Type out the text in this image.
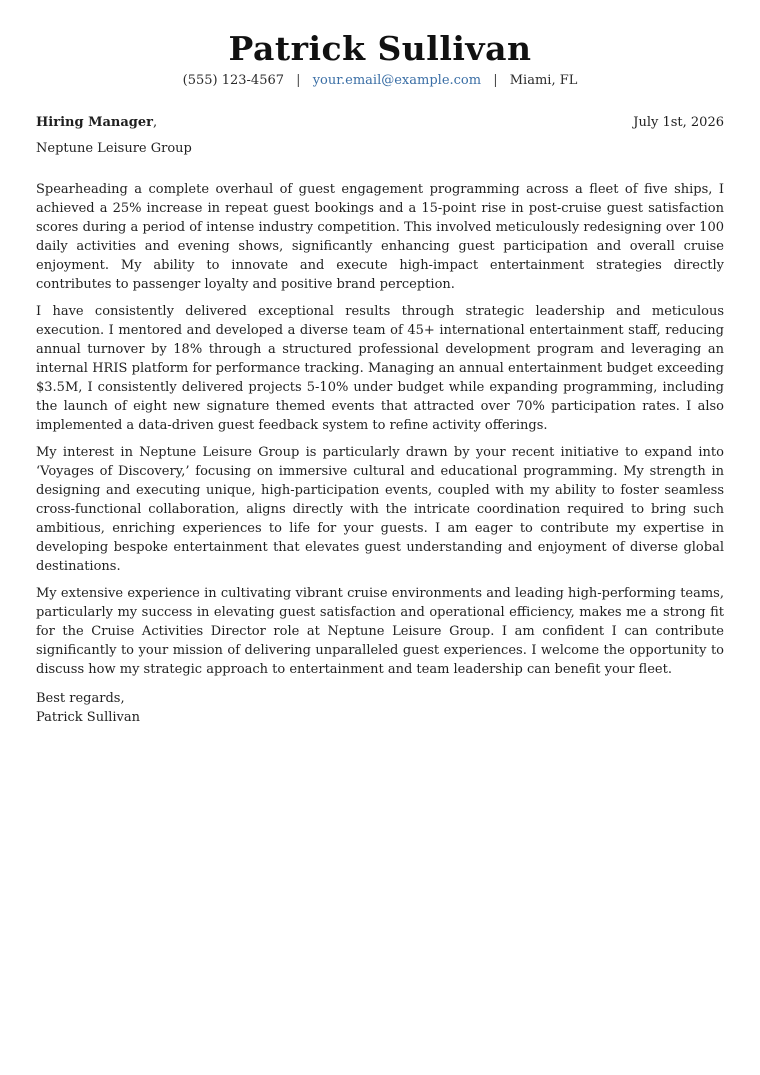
Patrick Sullivan
(555) 123-4567 | your.email@example.com | Miami, FL
Hiring Manager,	July 1st, 2026
Neptune Leisure Group

Spearheading a complete overhaul of guest engagement programming across a fleet of five ships, I achieved a 25% increase in repeat guest bookings and a 15-point rise in post-cruise guest satisfaction scores during a period of intense industry competition. This involved meticulously redesigning over 100 daily activities and evening shows, significantly enhancing guest participation and overall cruise enjoyment. My ability to innovate and execute high-impact entertainment strategies directly contributes to passenger loyalty and positive brand perception.

I have consistently delivered exceptional results through strategic leadership and meticulous execution. I mentored and developed a diverse team of 45+ international entertainment staff, reducing annual turnover by 18% through a structured professional development program and leveraging an internal HRIS platform for performance tracking. Managing an annual entertainment budget exceeding $3.5M, I consistently delivered projects 5-10% under budget while expanding programming, including the launch of eight new signature themed events that attracted over 70% participation rates. I also implemented a data-driven guest feedback system to refine activity offerings.

My interest in Neptune Leisure Group is particularly drawn by your recent initiative to expand into ‘Voyages of Discovery,’ focusing on immersive cultural and educational programming. My strength in designing and executing unique, high-participation events, coupled with my ability to foster seamless cross-functional collaboration, aligns directly with the intricate coordination required to bring such ambitious, enriching experiences to life for your guests. I am eager to contribute my expertise in developing bespoke entertainment that elevates guest understanding and enjoyment of diverse global destinations.

My extensive experience in cultivating vibrant cruise environments and leading high-performing teams, particularly my success in elevating guest satisfaction and operational efficiency, makes me a strong fit for the Cruise Activities Director role at Neptune Leisure Group. I am confident I can contribute significantly to your mission of delivering unparalleled guest experiences. I welcome the opportunity to discuss how my strategic approach to entertainment and team leadership can benefit your fleet.

Best regards,
Patrick Sullivan
